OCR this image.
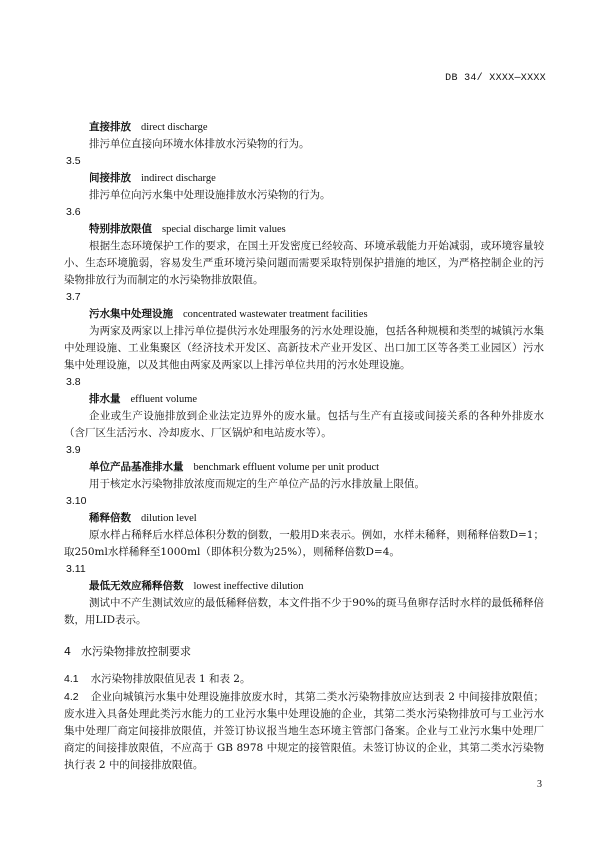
DB 34/ XXXX—XXXX
直接排放 direct discharge

排污单位直接向环境水体排放水污染物的行为。

3.5
间接排放 indirect discharge

排污单位向污水集中处理设施排放水污染物的行为。

3.6
特别排放限值 special discharge limit values

根据生态环境保护工作的要求，在国土开发密度已经较高、环境承载能力开始减弱，或环境容量较小、生态环境脆弱，容易发生严重环境污染问题而需要采取特别保护措施的地区，为严格控制企业的污染物排放行为而制定的水污染物排放限值。

3.7
污水集中处理设施 concentrated wastewater treatment facilities

为两家及两家以上排污单位提供污水处理服务的污水处理设施，包括各种规模和类型的城镇污水集中处理设施、工业集聚区（经济技术开发区、高新技术产业开发区、出口加工区等各类工业园区）污水集中处理设施，以及其他由两家及两家以上排污单位共用的污水处理设施。

3.8
排水量 effluent volume

企业或生产设施排放到企业法定边界外的废水量。包括与生产有直接或间接关系的各种外排废水（含厂区生活污水、冷却废水、厂区锅炉和电站废水等）。

3.9
单位产品基准排水量 benchmark effluent volume per unit product

用于核定水污染物排放浓度而规定的生产单位产品的污水排放量上限值。

3.10
稀释倍数 dilution level

原水样占稀释后水样总体积分数的倒数，一般用D来表示。例如，水样未稀释，则稀释倍数D=1；取250ml水样稀释至1000ml（即体积分数为25%），则稀释倍数D=4。

3.11
最低无效应稀释倍数 lowest ineffective dilution

测试中不产生测试效应的最低稀释倍数，本文件指不少于90%的斑马鱼卵存活时水样的最低稀释倍数，用LID表示。

4 水污染物排放控制要求

4.1 水污染物排放限值见表 1 和表 2。

4.2 企业向城镇污水集中处理设施排放废水时，其第二类水污染物排放应达到表 2 中间接排放限值；废水进入具备处理此类污水能力的工业污水集中处理设施的企业，其第二类水污染物排放可与工业污水集中处理厂商定间接排放限值，并签订协议报当地生态环境主管部门备案。企业与工业污水集中处理厂商定的间接排放限值，不应高于 GB 8978 中规定的接管限值。未签订协议的企业，其第二类水污染物执行表 2 中的间接排放限值。

3
